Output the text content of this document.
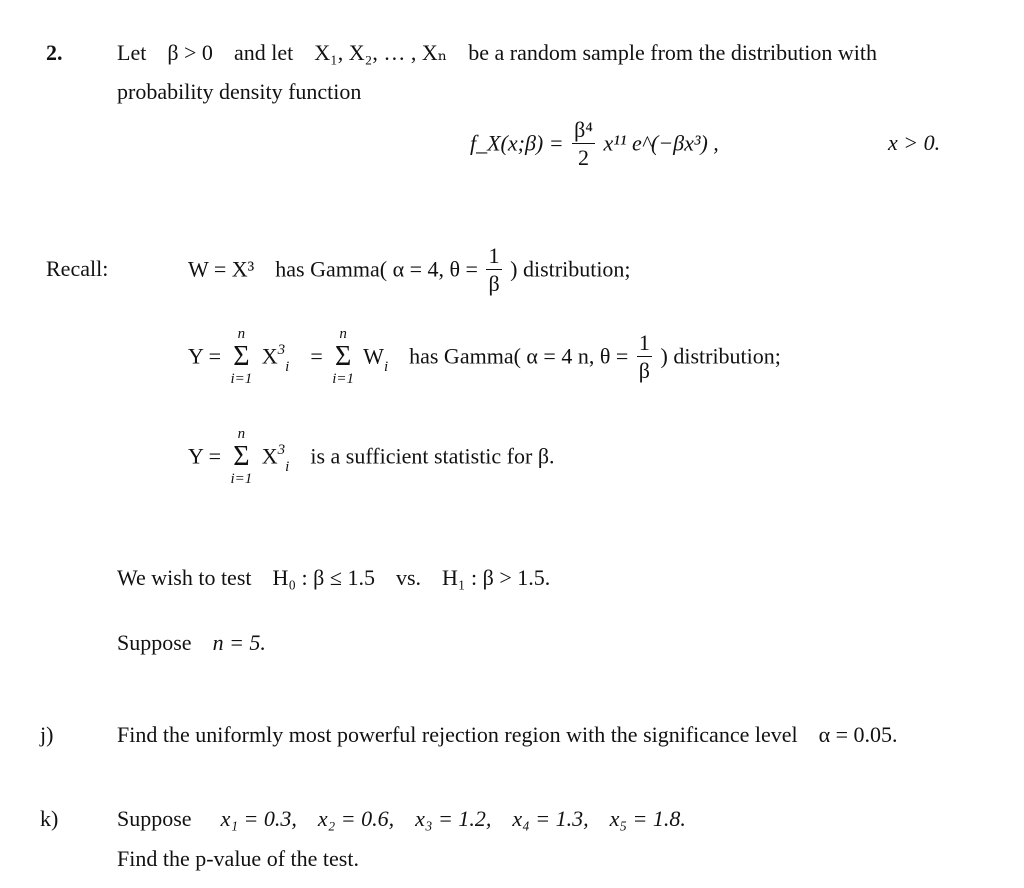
2. Let β > 0 and let X₁, X₂, … , Xₙ be a random sample from the distribution with
probability density function
f_X(x;β) = $\frac{\text{β⁴}}{2} x^{11}$ e^(−βx³) ,	x > 0.
Recall:	W = X³ has Gamma( α = 4, $\theta = \frac{1}{\beta}$ ) distribution;
Y =
n
Σ
i=1
$X^3_i$ =
n
Σ
i=1
$W_i$ has Gamma( α = 4 n, $\theta = \frac{1}{\beta}$ ) distribution;
Y =
n
Σ
i=1
$X^3_i$ is a sufficient statistic for β.
We wish to test H₀ : β ≤ 1.5 vs. H₁ : β > 1.5.
Suppose n = 5.
j)	Find the uniformly most powerful rejection region with the significance level α = 0.05.
k)	Suppose x₁ = 0.3, x₂ = 0.6, x₃ = 1.2, x₄ = 1.3, x₅ = 1.8.
Find the p-value of the test.
